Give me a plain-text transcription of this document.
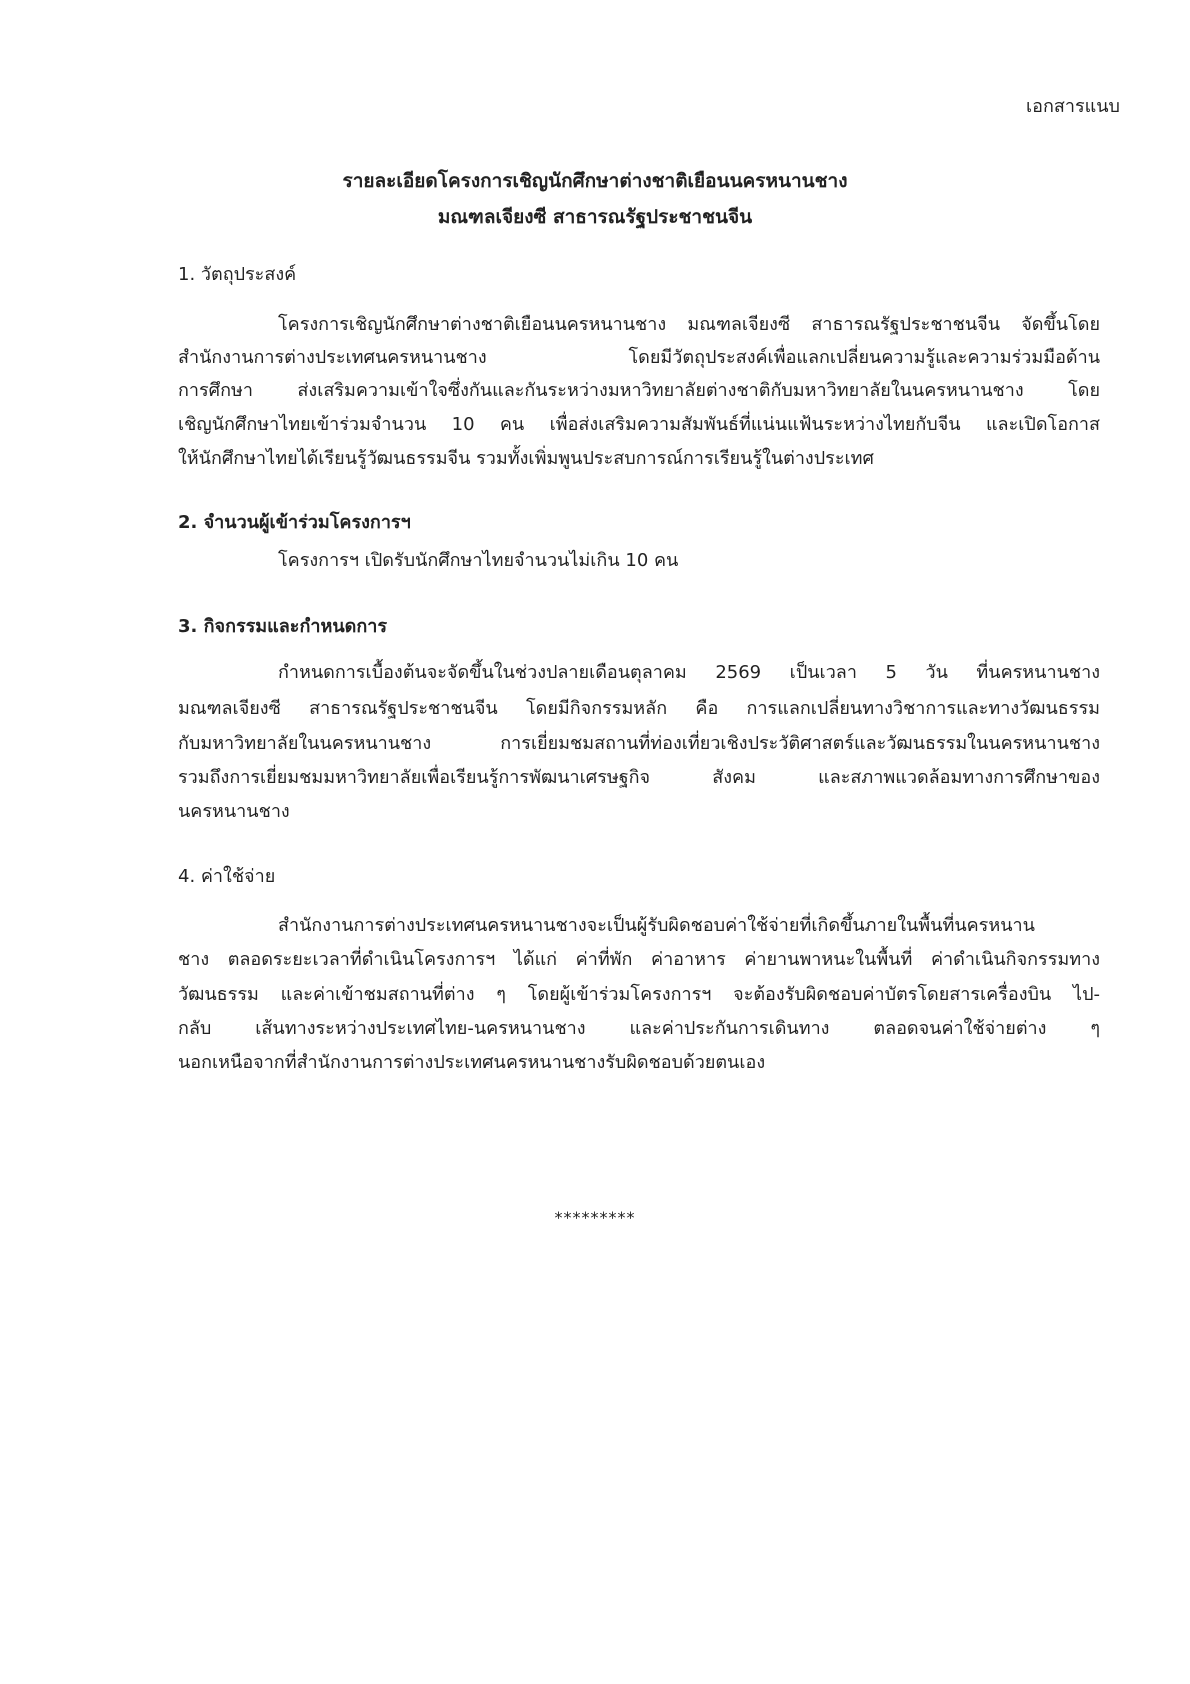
เอกสารแนบ
รายละเอียดโครงการเชิญนักศึกษาต่างชาติเยือนนครหนานชาง
มณฑลเจียงซี สาธารณรัฐประชาชนจีน
1. วัตถุประสงค์
โครงการเชิญนักศึกษาต่างชาติเยือนนครหนานชาง มณฑลเจียงซี สาธารณรัฐประชาชนจีน จัดขึ้นโดย
สำนักงานการต่างประเทศนครหนานชาง โดยมีวัตถุประสงค์เพื่อแลกเปลี่ยนความรู้และความร่วมมือด้าน
การศึกษา ส่งเสริมความเข้าใจซึ่งกันและกันระหว่างมหาวิทยาลัยต่างชาติกับมหาวิทยาลัยในนครหนานชาง โดย
เชิญนักศึกษาไทยเข้าร่วมจำนวน 10 คน เพื่อส่งเสริมความสัมพันธ์ที่แน่นแฟ้นระหว่างไทยกับจีน และเปิดโอกาส
ให้นักศึกษาไทยได้เรียนรู้วัฒนธรรมจีน รวมทั้งเพิ่มพูนประสบการณ์การเรียนรู้ในต่างประเทศ
2. จำนวนผู้เข้าร่วมโครงการฯ
โครงการฯ เปิดรับนักศึกษาไทยจำนวนไม่เกิน 10 คน
3. กิจกรรมและกำหนดการ
กำหนดการเบื้องต้นจะจัดขึ้นในช่วงปลายเดือนตุลาคม 2569 เป็นเวลา 5 วัน ที่นครหนานชาง
มณฑลเจียงซี สาธารณรัฐประชาชนจีน โดยมีกิจกรรมหลัก คือ การแลกเปลี่ยนทางวิชาการและทางวัฒนธรรม
กับมหาวิทยาลัยในนครหนานชาง การเยี่ยมชมสถานที่ท่องเที่ยวเชิงประวัติศาสตร์และวัฒนธรรมในนครหนานชาง
รวมถึงการเยี่ยมชมมหาวิทยาลัยเพื่อเรียนรู้การพัฒนาเศรษฐกิจ สังคม และสภาพแวดล้อมทางการศึกษาของ
นครหนานชาง
4. ค่าใช้จ่าย
สำนักงานการต่างประเทศนครหนานชางจะเป็นผู้รับผิดชอบค่าใช้จ่ายที่เกิดขึ้นภายในพื้นที่นครหนาน
ชาง ตลอดระยะเวลาที่ดำเนินโครงการฯ ได้แก่ ค่าที่พัก ค่าอาหาร ค่ายานพาหนะในพื้นที่ ค่าดำเนินกิจกรรมทาง
วัฒนธรรม และค่าเข้าชมสถานที่ต่าง ๆ โดยผู้เข้าร่วมโครงการฯ จะต้องรับผิดชอบค่าบัตรโดยสารเครื่องบิน ไป-
กลับ เส้นทางระหว่างประเทศไทย-นครหนานชาง และค่าประกันการเดินทาง ตลอดจนค่าใช้จ่ายต่าง ๆ
นอกเหนือจากที่สำนักงานการต่างประเทศนครหนานชางรับผิดชอบด้วยตนเอง
*********
